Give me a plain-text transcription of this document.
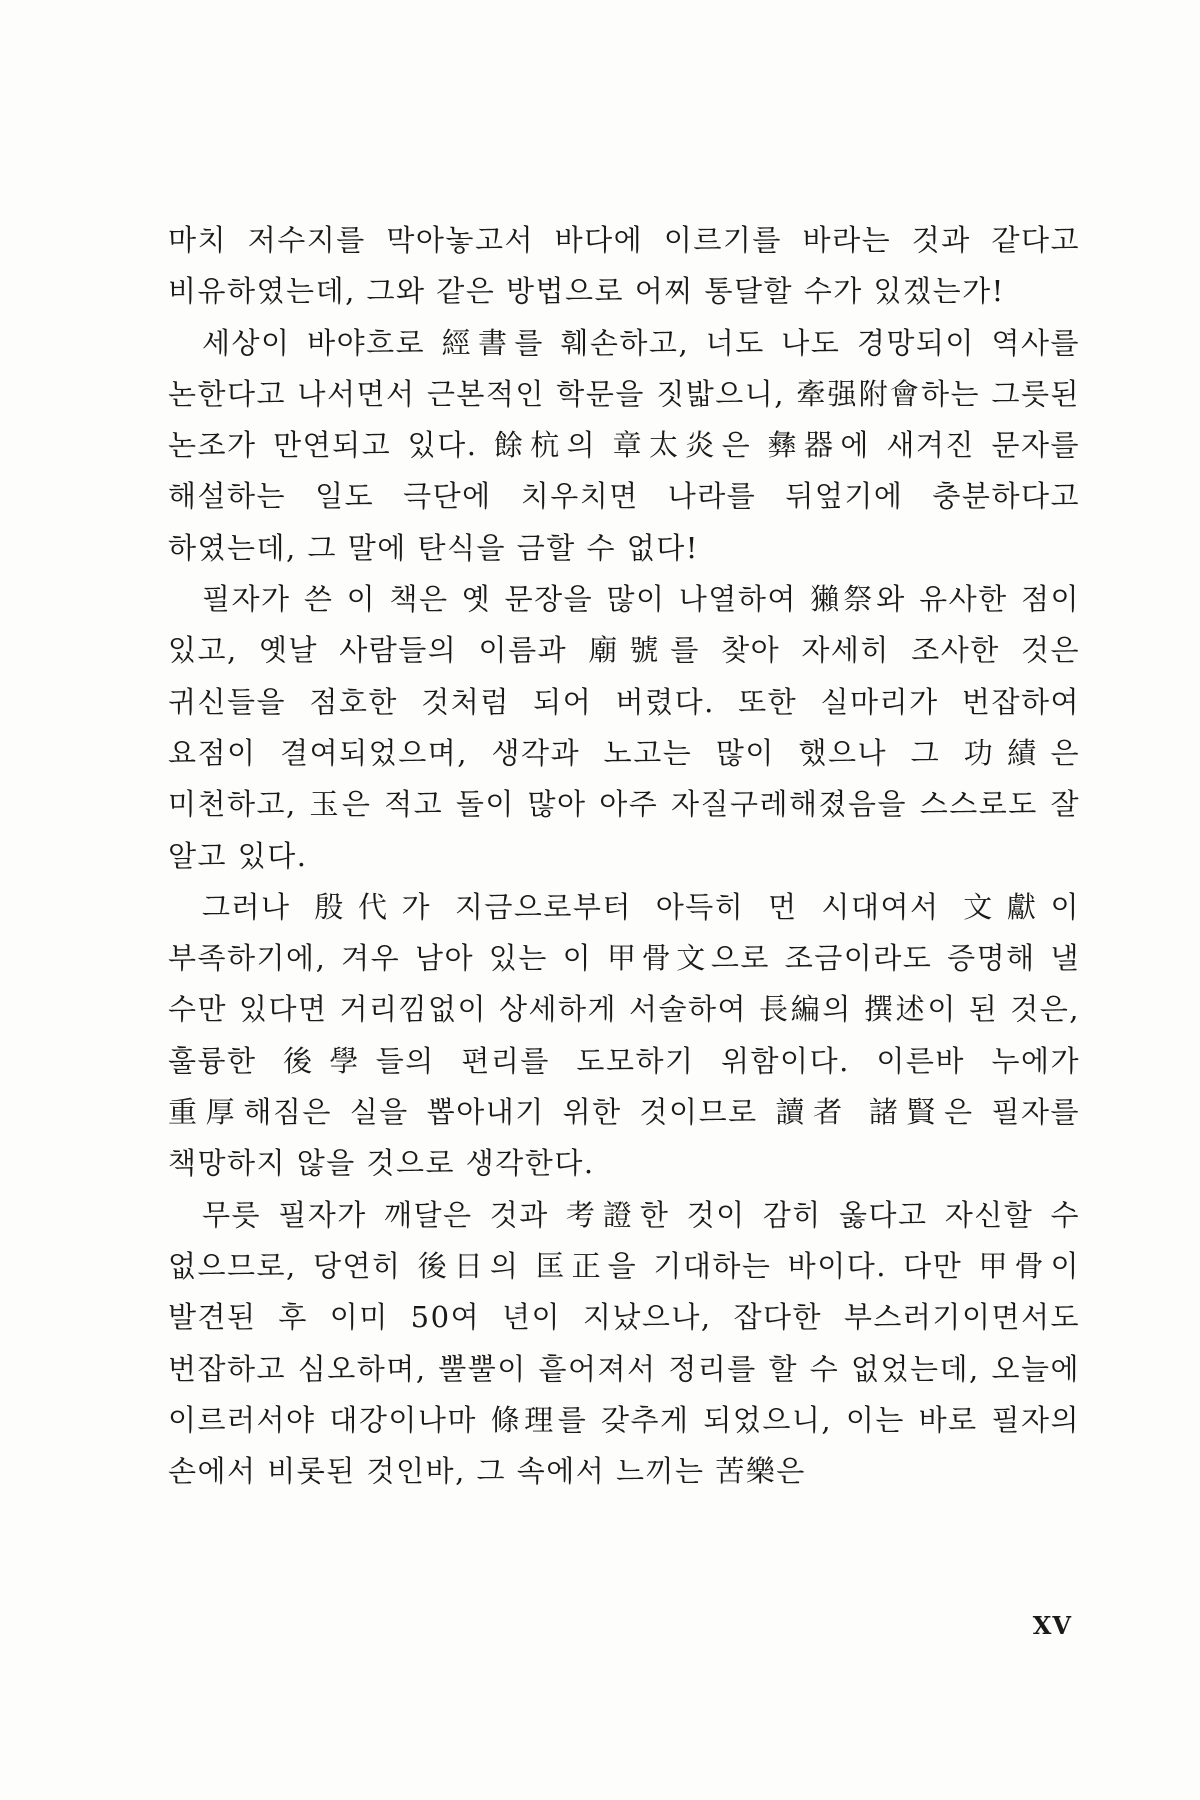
마치 저수지를 막아놓고서 바다에 이르기를 바라는 것과 같다고 비유하였는데, 그와 같은 방법으로 어찌 통달할 수가 있겠는가!

세상이 바야흐로 經書를 훼손하고, 너도 나도 경망되이 역사를 논한다고 나서면서 근본적인 학문을 짓밟으니, 牽强附會하는 그릇된 논조가 만연되고 있다. 餘杭의 章太炎은 彝器에 새겨진 문자를 해설하는 일도 극단에 치우치면 나라를 뒤엎기에 충분하다고 하였는데, 그 말에 탄식을 금할 수 없다!

필자가 쓴 이 책은 옛 문장을 많이 나열하여 獺祭와 유사한 점이 있고, 옛날 사람들의 이름과 廟號를 찾아 자세히 조사한 것은 귀신들을 점호한 것처럼 되어 버렸다. 또한 실마리가 번잡하여 요점이 결여되었으며, 생각과 노고는 많이 했으나 그 功績은 미천하고, 玉은 적고 돌이 많아 아주 자질구레해졌음을 스스로도 잘 알고 있다.

그러나 殷代가 지금으로부터 아득히 먼 시대여서 文獻이 부족하기에, 겨우 남아 있는 이 甲骨文으로 조금이라도 증명해 낼 수만 있다면 거리낌없이 상세하게 서술하여 長編의 撰述이 된 것은, 훌륭한 後學들의 편리를 도모하기 위함이다. 이른바 누에가 重厚해짐은 실을 뽑아내기 위한 것이므로 讀者 諸賢은 필자를 책망하지 않을 것으로 생각한다.

무릇 필자가 깨달은 것과 考證한 것이 감히 옳다고 자신할 수 없으므로, 당연히 後日의 匡正을 기대하는 바이다. 다만 甲骨이 발견된 후 이미 50여 년이 지났으나, 잡다한 부스러기이면서도 번잡하고 심오하며, 뿔뿔이 흩어져서 정리를 할 수 없었는데, 오늘에 이르러서야 대강이나마 條理를 갖추게 되었으니, 이는 바로 필자의 손에서 비롯된 것인바, 그 속에서 느끼는 苦樂은

XV
